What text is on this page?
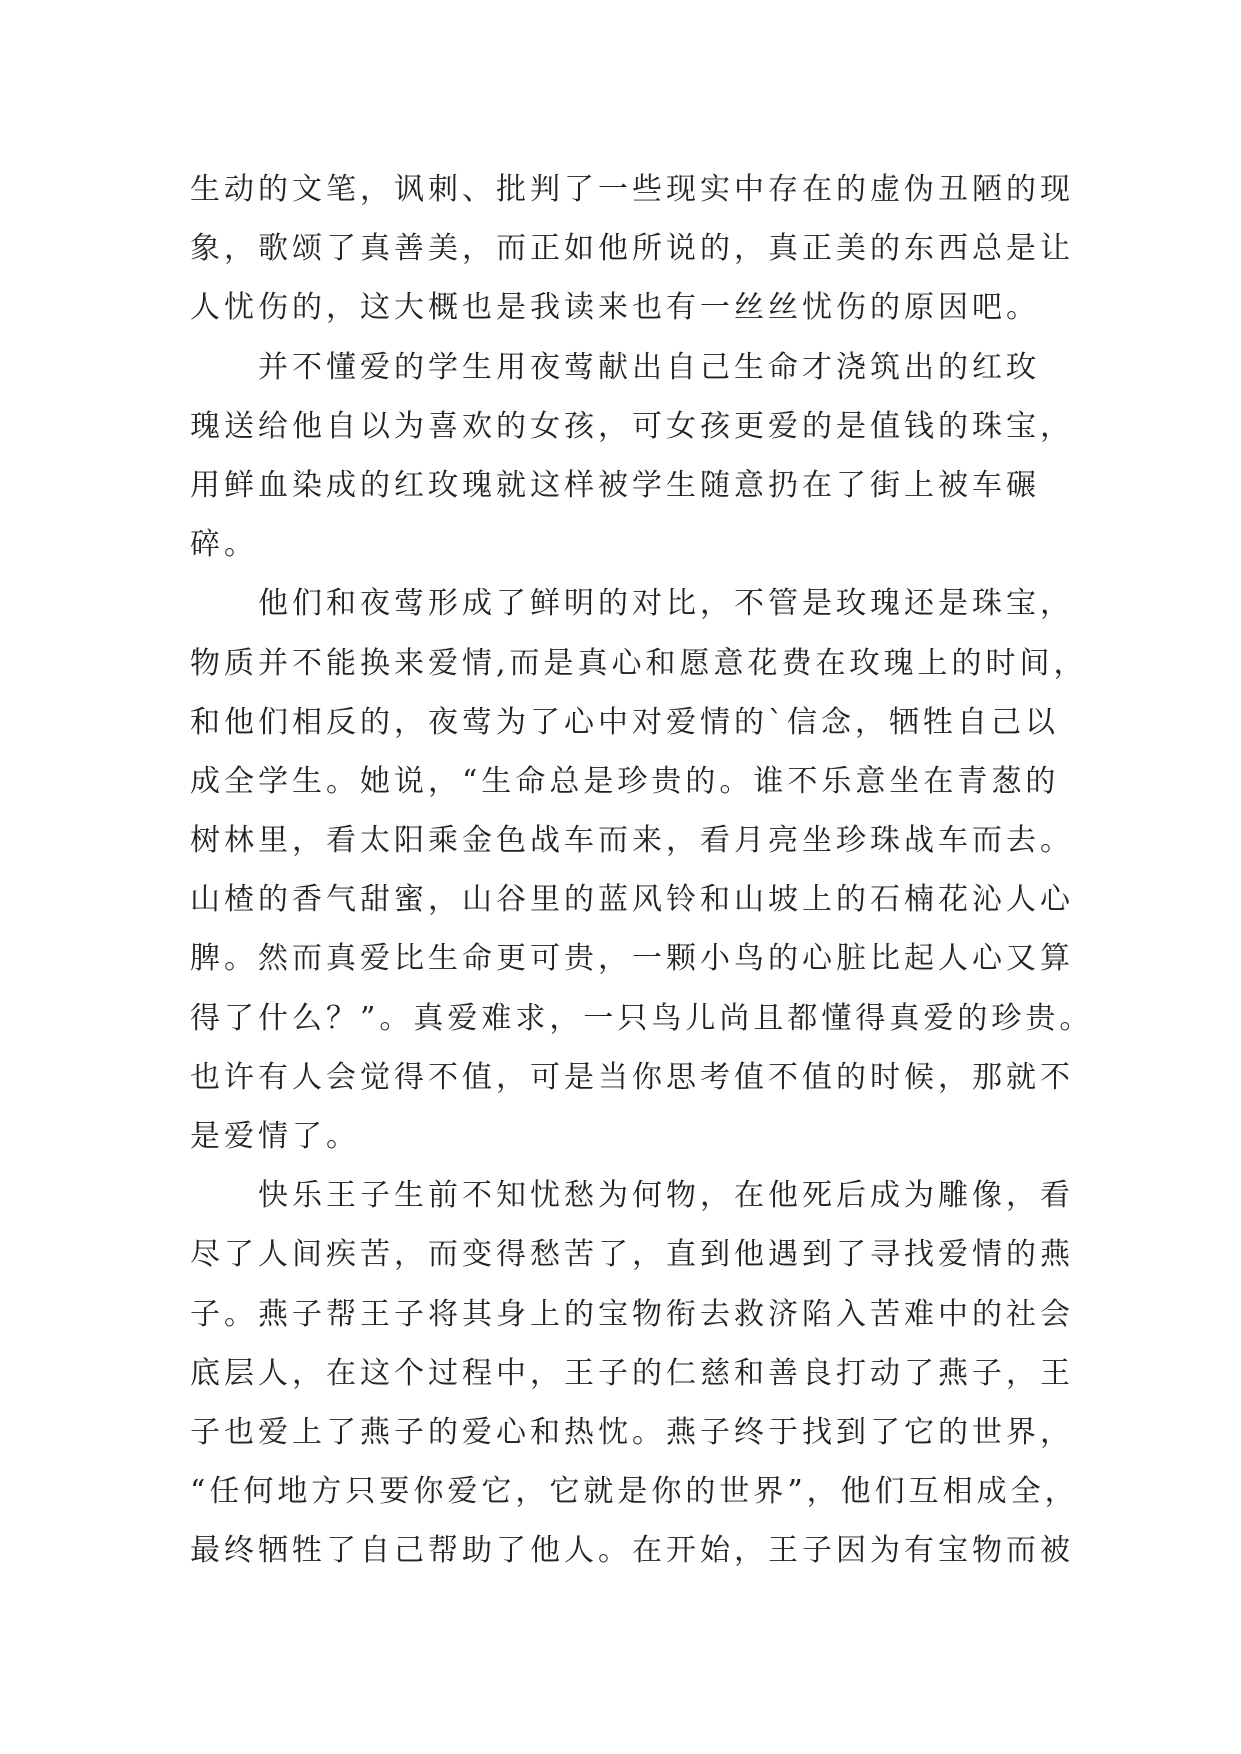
生动的文笔，讽刺、批判了一些现实中存在的虚伪丑陋的现
象，歌颂了真善美，而正如他所说的，真正美的东西总是让
人忧伤的，这大概也是我读来也有一丝丝忧伤的原因吧。
　　并不懂爱的学生用夜莺献出自己生命才浇筑出的红玫
瑰送给他自以为喜欢的女孩，可女孩更爱的是值钱的珠宝，
用鲜血染成的红玫瑰就这样被学生随意扔在了街上被车碾
碎。
　　他们和夜莺形成了鲜明的对比，不管是玫瑰还是珠宝，
物质并不能换来爱情,而是真心和愿意花费在玫瑰上的时间，
和他们相反的，夜莺为了心中对爱情的`信念，牺牲自己以
成全学生。她说，“生命总是珍贵的。谁不乐意坐在青葱的
树林里，看太阳乘金色战车而来，看月亮坐珍珠战车而去。
山楂的香气甜蜜，山谷里的蓝风铃和山坡上的石楠花沁人心
脾。然而真爱比生命更可贵，一颗小鸟的心脏比起人心又算
得了什么？”。真爱难求，一只鸟儿尚且都懂得真爱的珍贵。
也许有人会觉得不值，可是当你思考值不值的时候，那就不
是爱情了。
　　快乐王子生前不知忧愁为何物，在他死后成为雕像，看
尽了人间疾苦，而变得愁苦了，直到他遇到了寻找爱情的燕
子。燕子帮王子将其身上的宝物衔去救济陷入苦难中的社会
底层人，在这个过程中，王子的仁慈和善良打动了燕子，王
子也爱上了燕子的爱心和热忱。燕子终于找到了它的世界，
“任何地方只要你爱它，它就是你的世界”，他们互相成全，
最终牺牲了自己帮助了他人。在开始，王子因为有宝物而被
